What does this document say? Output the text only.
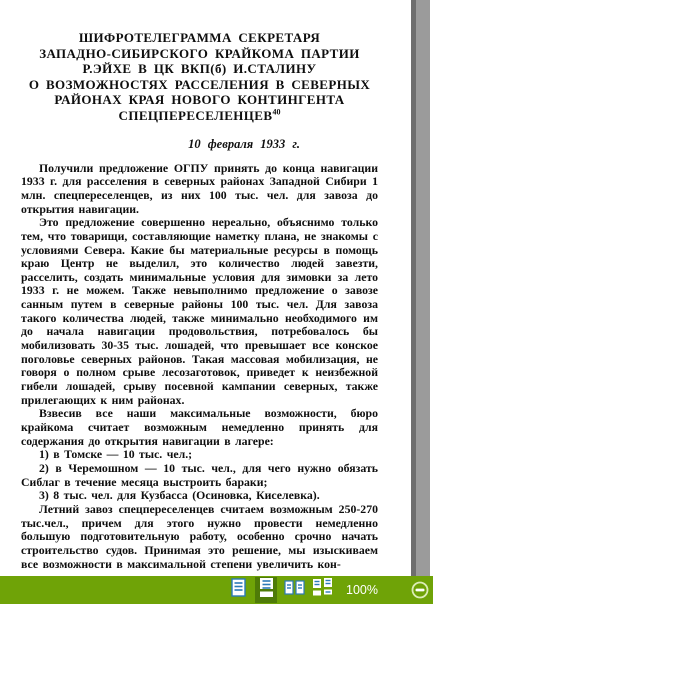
ШИФРОТЕЛЕГРАММА СЕКРЕТАРЯ
ЗАПАДНО-СИБИРСКОГО КРАЙКОМА ПАРТИИ
Р.ЭЙХЕ В ЦК ВКП(б) И.СТАЛИНУ
О ВОЗМОЖНОСТЯХ РАССЕЛЕНИЯ В СЕВЕРНЫХ
РАЙОНАХ КРАЯ НОВОГО КОНТИНГЕНТА
СПЕЦПЕРЕСЕЛЕНЦЕВ$^{40}$
10 февраля 1933 г.

Получили предложение ОГПУ принять до конца навигации 1933 г. для расселения в северных районах Западной Сибири 1 млн. спецпереселенцев, из них 100 тыс. чел. для завоза до открытия навигации.

Это предложение совершенно нереально, объяснимо только тем, что товарищи, составляющие наметку плана, не знакомы с условиями Севера. Какие бы материальные ресурсы в помощь краю Центр не выделил, это количество людей завезти, расселить, создать минимальные условия для зимовки за лето 1933 г. не можем. Также невыполнимо предложение о завозе санным путем в северные районы 100 тыс. чел. Для завоза такого количества людей, также минимально необходимого им до начала навигации продовольствия, потребовалось бы мобилизовать 30-35 тыс. лошадей, что превышает все конское поголовье северных районов. Такая массовая мобилизация, не говоря о полном срыве лесозаготовок, приведет к неизбежной гибели лошадей, срыву посевной кампании северных, также прилегающих к ним районах.

Взвесив все наши максимальные возможности, бюро крайкома считает возможным немедленно принять для содержания до открытия навигации в лагере:

1) в Томске — 10 тыс. чел.;

2) в Черемошном — 10 тыс. чел., для чего нужно обязать Сиблаг в течение месяца выстроить бараки;

3) 8 тыс. чел. для Кузбасса (Осиновка, Киселевка).

Летний завоз спецпереселенцев считаем возможным 250-270 тыс.чел., причем для этого нужно провести немедленно большую подготовительную работу, особенно срочно начать строительство судов. Принимая это решение, мы изыскиваем все возможности в максимальной степени увеличить кон-

100%
